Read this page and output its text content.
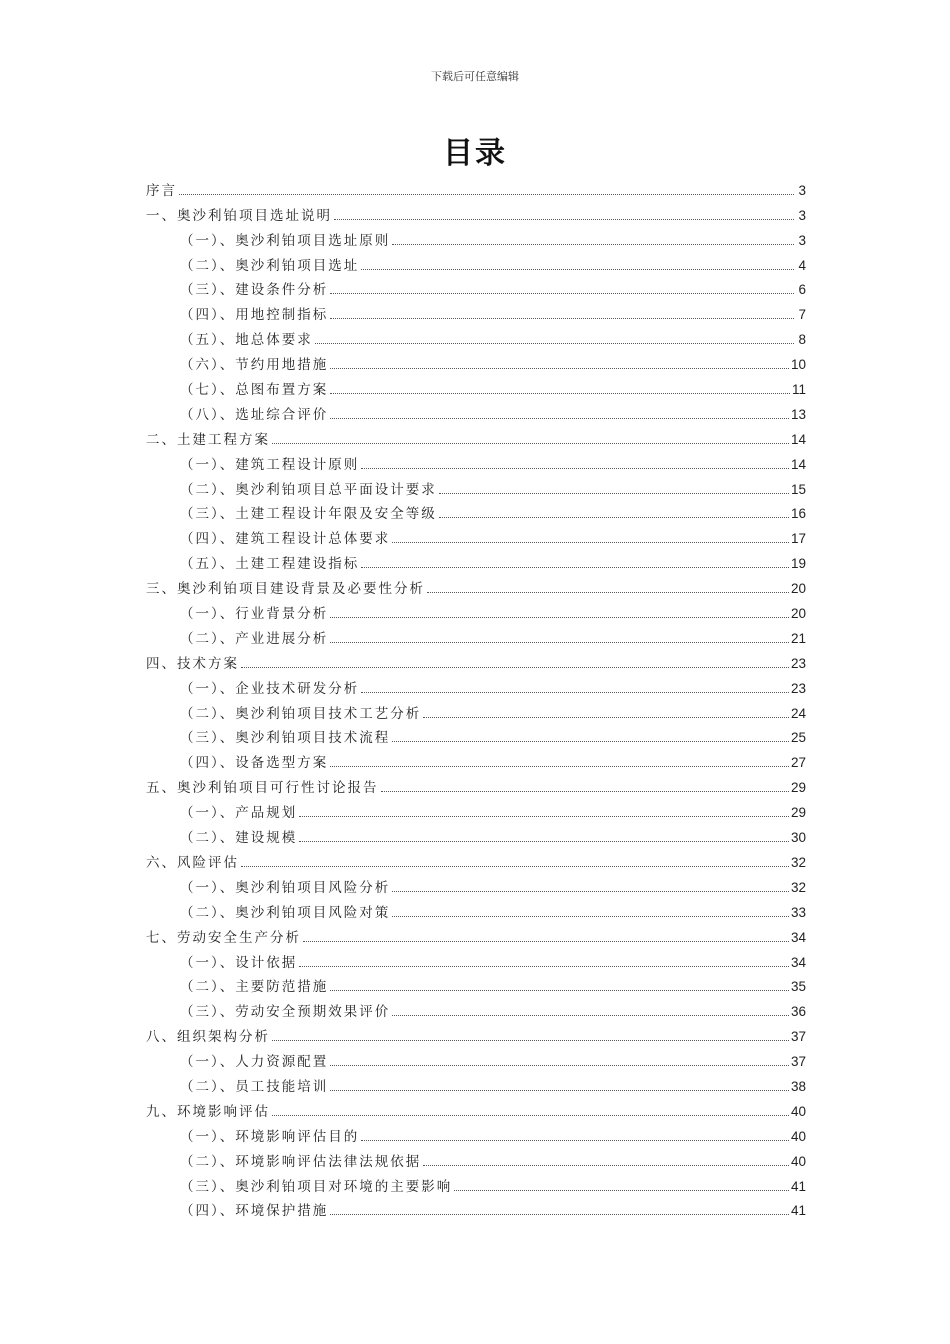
下载后可任意编辑
目录
序言	3
一、奥沙利铂项目选址说明	3
（一）、奥沙利铂项目选址原则	3
（二）、奥沙利铂项目选址	4
（三）、建设条件分析	6
（四）、用地控制指标	7
（五）、地总体要求	8
（六）、节约用地措施	10
（七）、总图布置方案	11
（八）、选址综合评价	13
二、土建工程方案	14
（一）、建筑工程设计原则	14
（二）、奥沙利铂项目总平面设计要求	15
（三）、土建工程设计年限及安全等级	16
（四）、建筑工程设计总体要求	17
（五）、土建工程建设指标	19
三、奥沙利铂项目建设背景及必要性分析	20
（一）、行业背景分析	20
（二）、产业进展分析	21
四、技术方案	23
（一）、企业技术研发分析	23
（二）、奥沙利铂项目技术工艺分析	24
（三）、奥沙利铂项目技术流程	25
（四）、设备选型方案	27
五、奥沙利铂项目可行性讨论报告	29
（一）、产品规划	29
（二）、建设规模	30
六、风险评估	32
（一）、奥沙利铂项目风险分析	32
（二）、奥沙利铂项目风险对策	33
七、劳动安全生产分析	34
（一）、设计依据	34
（二）、主要防范措施	35
（三）、劳动安全预期效果评价	36
八、组织架构分析	37
（一）、人力资源配置	37
（二）、员工技能培训	38
九、环境影响评估	40
（一）、环境影响评估目的	40
（二）、环境影响评估法律法规依据	40
（三）、奥沙利铂项目对环境的主要影响	41
（四）、环境保护措施	41
